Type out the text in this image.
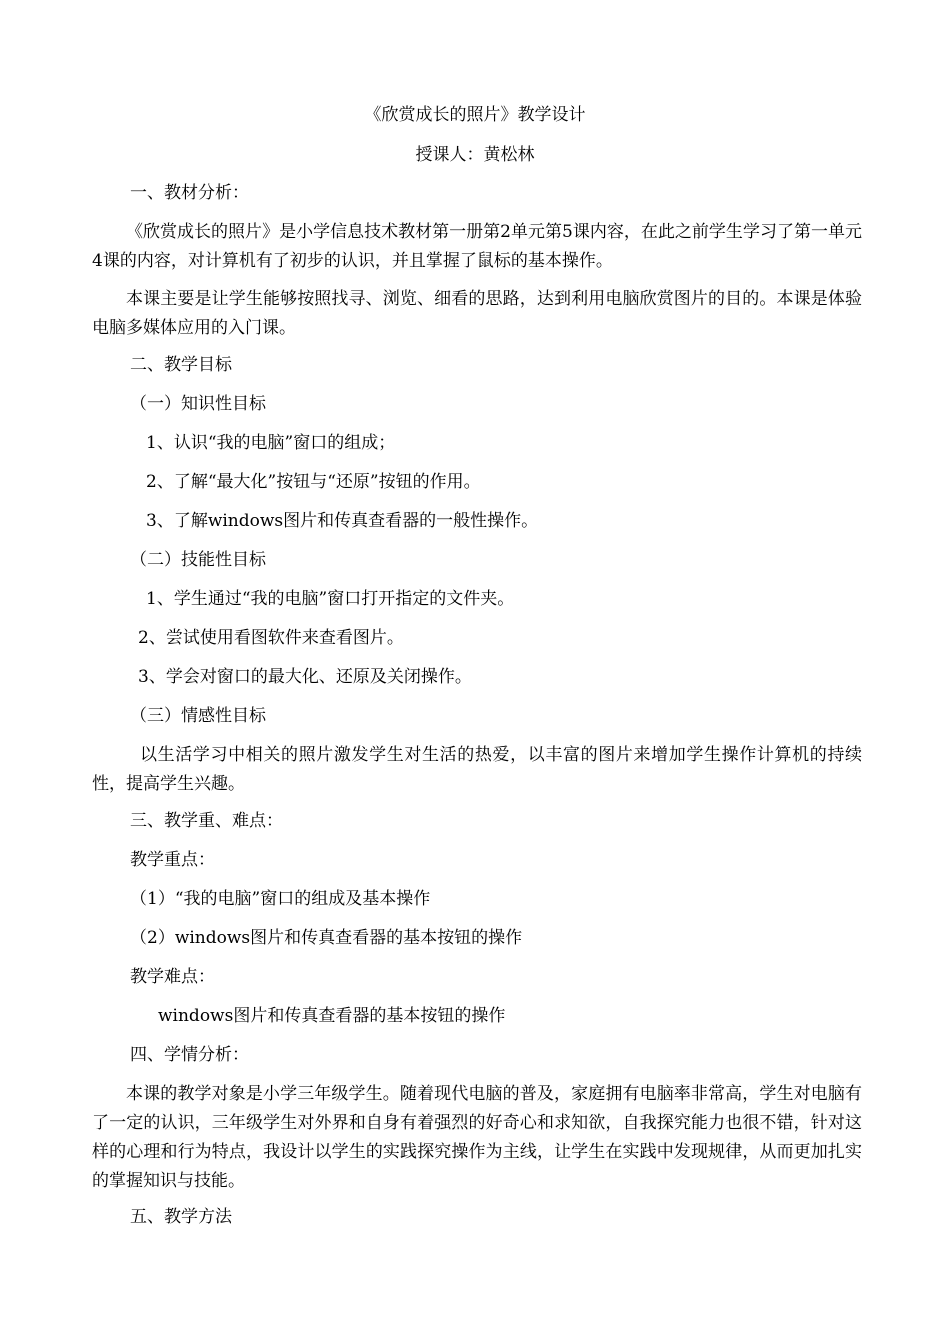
《欣赏成长的照片》教学设计
授课人：黄松林
一、教材分析：

《欣赏成长的照片》是小学信息技术教材第一册第2单元第5课内容，在此之前学生学习了第一单元4课的内容，对计算机有了初步的认识，并且掌握了鼠标的基本操作。

本课主要是让学生能够按照找寻、浏览、细看的思路，达到利用电脑欣赏图片的目的。本课是体验电脑多媒体应用的入门课。

二、教学目标
（一）知识性目标
1、认识“我的电脑”窗口的组成；
2、了解“最大化”按钮与“还原”按钮的作用。
3、了解windows图片和传真查看器的一般性操作。
（二）技能性目标
1、学生通过“我的电脑”窗口打开指定的文件夹。
2、尝试使用看图软件来查看图片。
3、学会对窗口的最大化、还原及关闭操作。
（三）情感性目标

以生活学习中相关的照片激发学生对生活的热爱，以丰富的图片来增加学生操作计算机的持续性，提高学生兴趣。

三、教学重、难点：
教学重点：
（1）“我的电脑”窗口的组成及基本操作
（2）windows图片和传真查看器的基本按钮的操作
教学难点：
windows图片和传真查看器的基本按钮的操作
四、学情分析：

本课的教学对象是小学三年级学生。随着现代电脑的普及，家庭拥有电脑率非常高，学生对电脑有了一定的认识，三年级学生对外界和自身有着强烈的好奇心和求知欲，自我探究能力也很不错，针对这样的心理和行为特点，我设计以学生的实践探究操作为主线，让学生在实践中发现规律，从而更加扎实的掌握知识与技能。

五、教学方法
